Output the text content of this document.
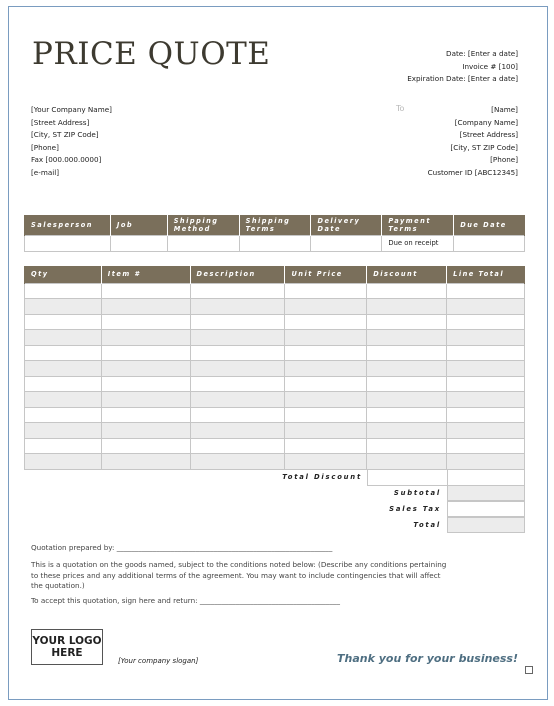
PRICE QUOTE	Date: [Enter a date]
Invoice # [100]
Expiration Date: [Enter a date]
[Your Company Name]
[Street Address]
[City, ST ZIP Code]
[Phone]
Fax [000.000.0000]
[e-mail]
To	[Name]
[Company Name]
[Street Address]
[City, ST ZIP Code]
[Phone]
Customer ID [ABC12345]
Salesperson	Job	Shipping Method	Shipping Terms	Delivery Date	Payment Terms	Due Date
					Due on receipt	
Qty	Item #	Description	Unit Price	Discount	Line Total

Total Discount
Subtotal
Sales Tax
Total
Quotation prepared by: ____________________________________________________________
This is a quotation on the goods named, subject to the conditions noted below: (Describe any conditions pertaining to these prices and any additional terms of the agreement. You may want to include contingencies that will affect the quotation.)
To accept this quotation, sign here and return: _______________________________________
YOUR LOGO
HERE
[Your company slogan]	Thank you for your business!
